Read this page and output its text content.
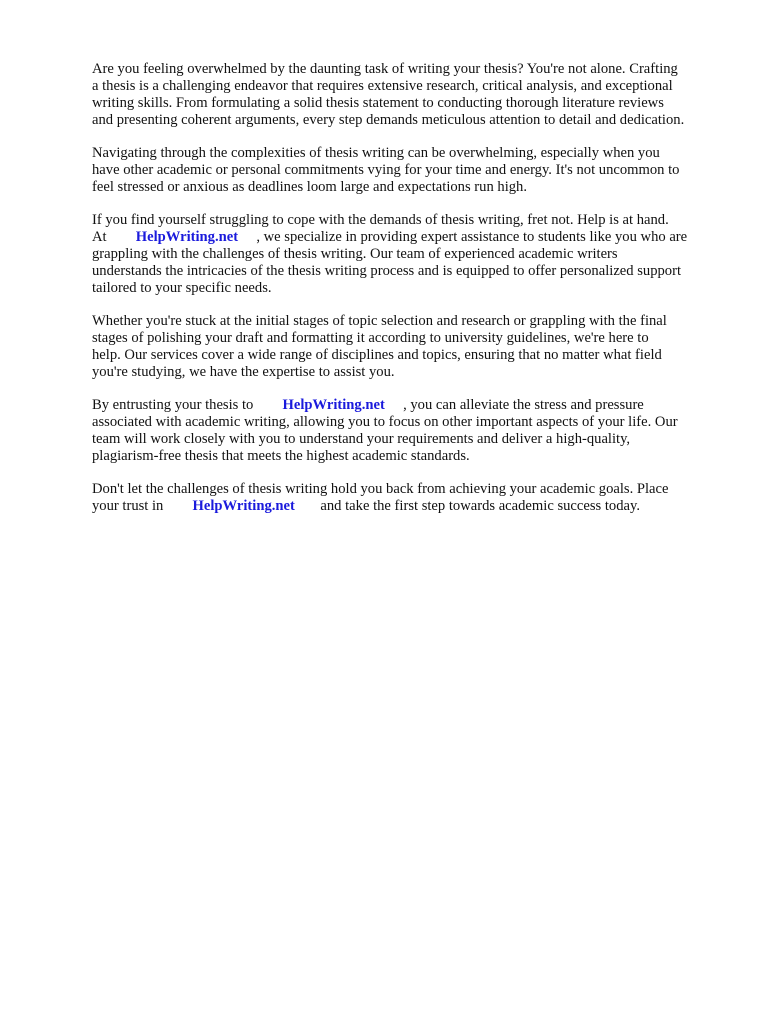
Are you feeling overwhelmed by the daunting task of writing your thesis? You're not alone. Crafting
a thesis is a challenging endeavor that requires extensive research, critical analysis, and exceptional
writing skills. From formulating a solid thesis statement to conducting thorough literature reviews
and presenting coherent arguments, every step demands meticulous attention to detail and dedication.

Navigating through the complexities of thesis writing can be overwhelming, especially when you
have other academic or personal commitments vying for your time and energy. It's not uncommon to
feel stressed or anxious as deadlines loom large and expectations run high.

If you find yourself struggling to cope with the demands of thesis writing, fret not. Help is at hand.
At HelpWriting.net , we specialize in providing expert assistance to students like you who are
grappling with the challenges of thesis writing. Our team of experienced academic writers
understands the intricacies of the thesis writing process and is equipped to offer personalized support
tailored to your specific needs.

Whether you're stuck at the initial stages of topic selection and research or grappling with the final
stages of polishing your draft and formatting it according to university guidelines, we're here to
help. Our services cover a wide range of disciplines and topics, ensuring that no matter what field
you're studying, we have the expertise to assist you.

By entrusting your thesis to HelpWriting.net , you can alleviate the stress and pressure
associated with academic writing, allowing you to focus on other important aspects of your life. Our
team will work closely with you to understand your requirements and deliver a high-quality,
plagiarism-free thesis that meets the highest academic standards.

Don't let the challenges of thesis writing hold you back from achieving your academic goals. Place
your trust in HelpWriting.net and take the first step towards academic success today.
